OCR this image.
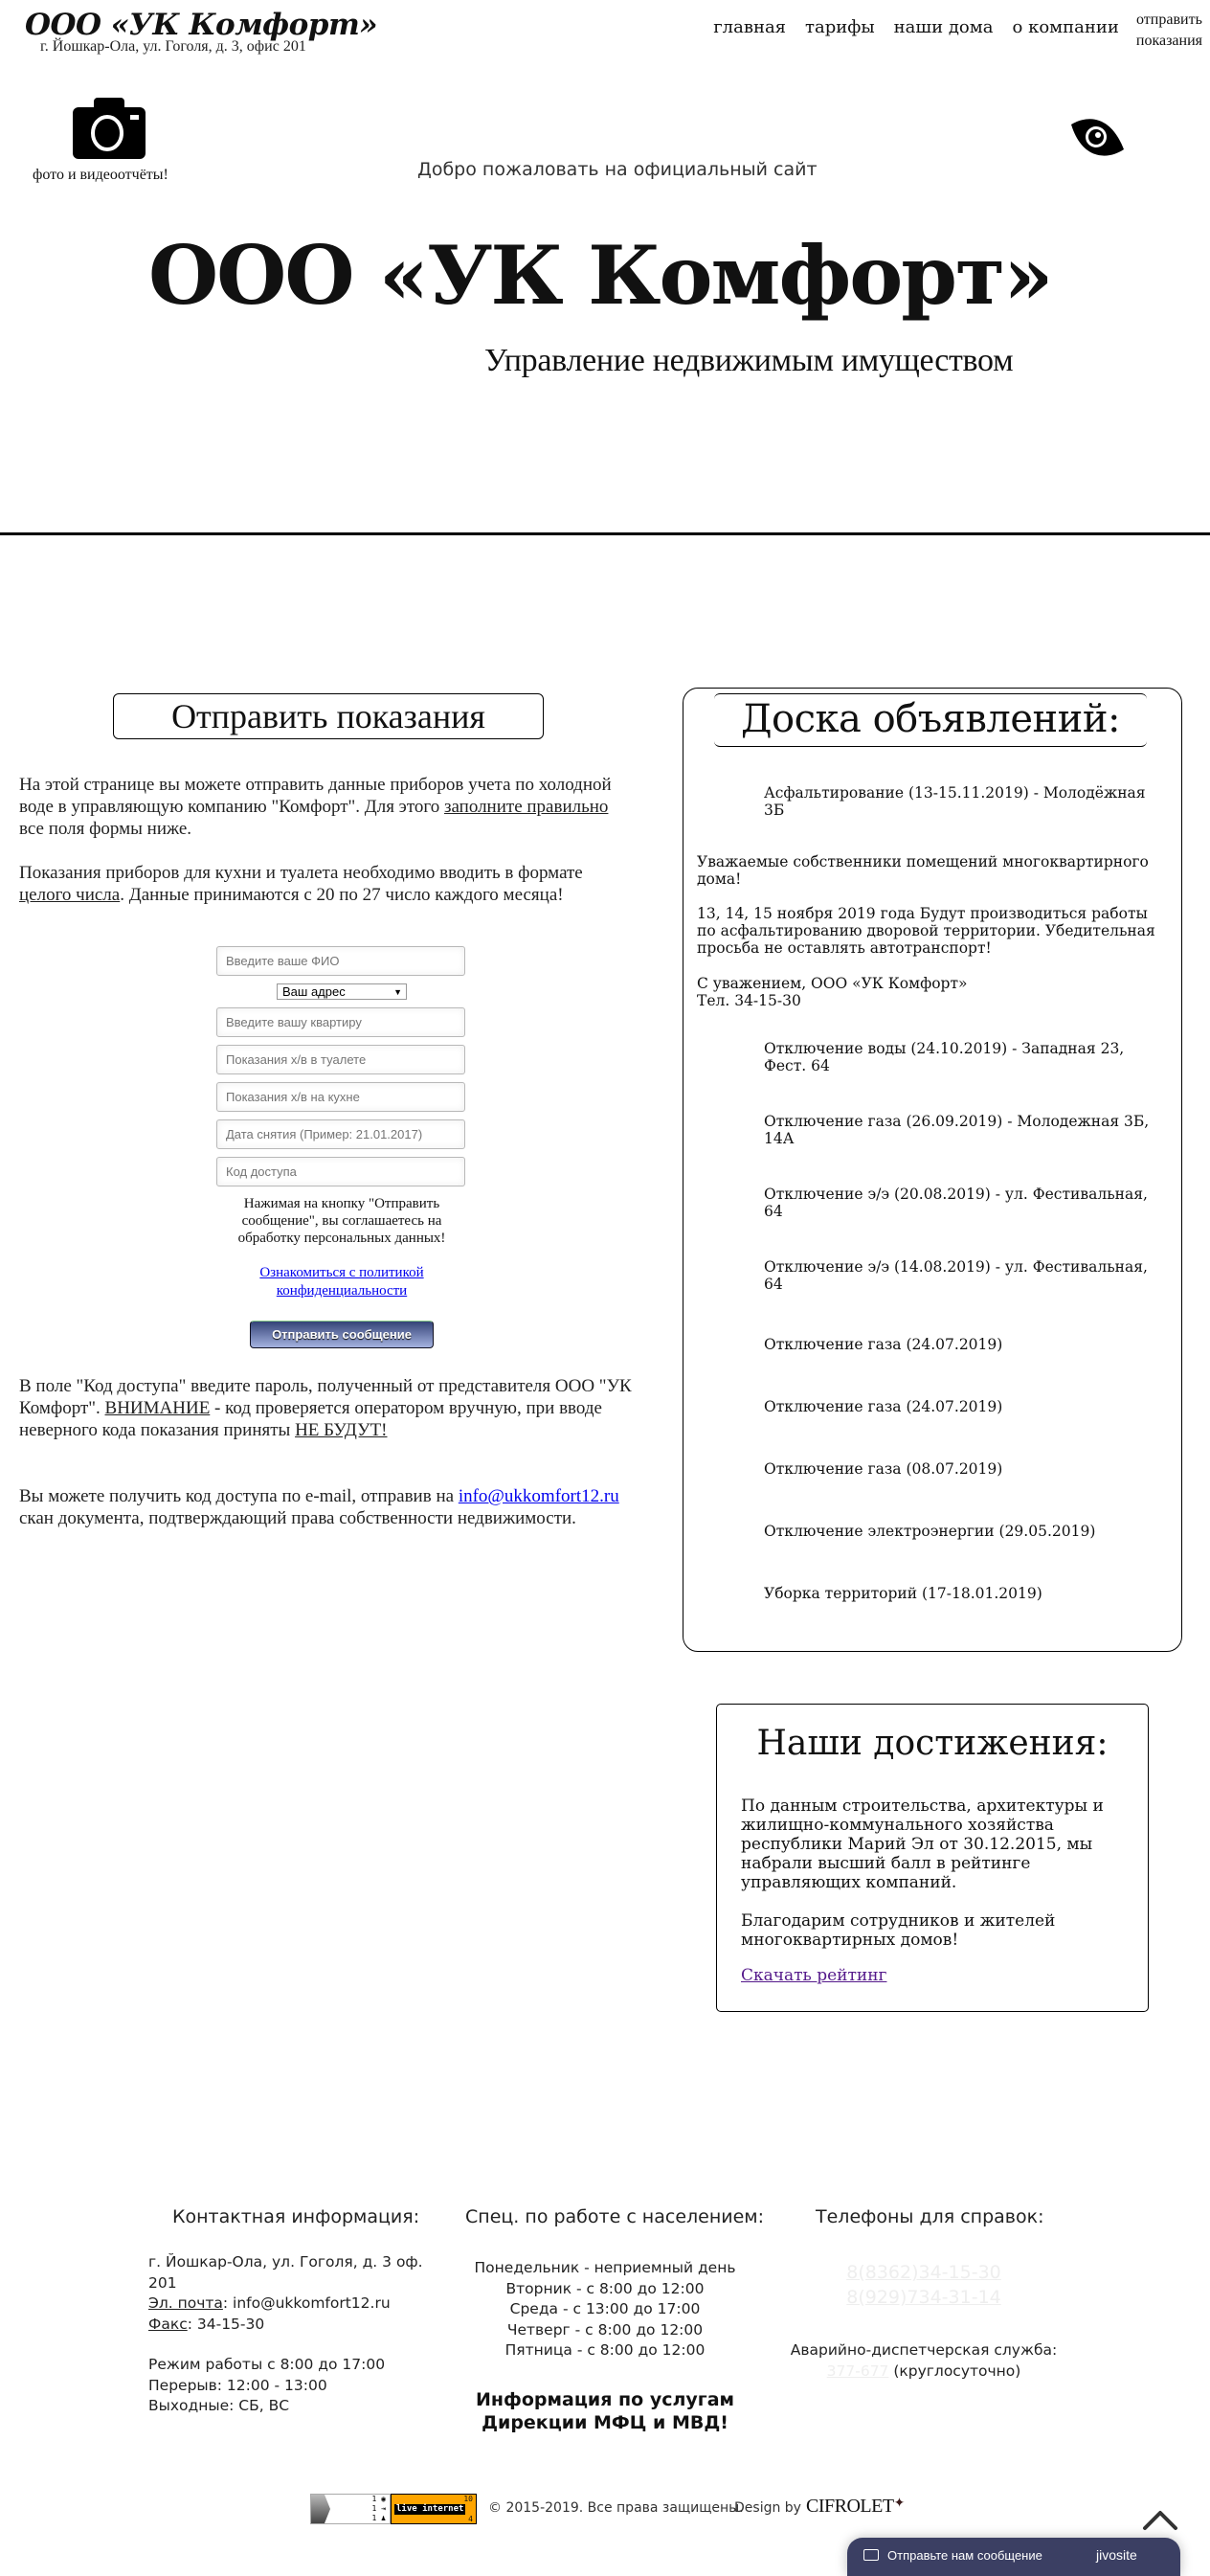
ООО «УК Комфорт»
г. Йошкар-Ола, ул. Гоголя, д. 3, офис 201
главная	тарифы	наши дома	о компании	отправить
показания
фото и видеоотчёты!	Добро пожаловать на официальный сайт
ООО «УК Комфорт»
Управление недвижимым имуществом
Отправить показания
На этой странице вы можете отправить данные приборов учета по холодной воде в управляющую компанию "Комфорт". Для этого заполните правильно все поля формы ниже.
Показания приборов для кухни и туалета необходимо вводить в формате целого числа. Данные принимаются с 20 по 27 число каждого месяца!
Введите ваше ФИО
Ваш адрес	▼
Введите вашу квартиру
Показания х/в в туалете
Показания х/в на кухне
Дата снятия (Пример: 21.01.2017)
Код доступа
Нажимая на кнопку "Отправить сообщение", вы соглашаетесь на обработку персональных данных!
Ознакомиться с политикой конфиденциальности
Отправить сообщение
В поле "Код доступа" введите пароль, полученный от представителя ООО "УК Комфорт". ВНИМАНИЕ - код проверяется оператором вручную, при вводе неверного кода показания приняты НЕ БУДУТ!
Вы можете получить код доступа по e-mail, отправив на info@ukkomfort12.ru скан документа, подтверждающий права собственности недвижимости.
Доска объявлений:
Асфальтирование (13-15.11.2019) - Молодёжная 3Б
Уважаемые собственники помещений многоквартирного дома!
13, 14, 15 ноября 2019 года Будут производиться работы по асфальтированию дворовой территории. Убедительная просьба не оставлять автотранспорт!
С уважением, ООО «УК Комфорт»
Тел. 34-15-30
Отключение воды (24.10.2019) - Западная 23, Фест. 64
Отключение газа (26.09.2019) - Молодежная 3Б, 14А
Отключение э/э (20.08.2019) - ул. Фестивальная, 64
Отключение э/э (14.08.2019) - ул. Фестивальная, 64
Отключение газа (24.07.2019)
Отключение газа (24.07.2019)
Отключение газа (08.07.2019)
Отключение электроэнергии (29.05.2019)
Уборка территорий (17-18.01.2019)
Наши достижения:
По данным строительства, архитектуры и жилищно-коммунального хозяйства республики Марий Эл от 30.12.2015, мы набрали высший балл в рейтинге управляющих компаний.
Благодарим сотрудников и жителей многоквартирных домов!
Скачать рейтинг
Контактная информация:
г. Йошкар-Ола, ул. Гоголя, д. 3 оф. 201
Эл. почта: info@ukkomfort12.ru
Факс: 34-15-30
Режим работы с 8:00 до 17:00
Перерыв: 12:00 - 13:00
Выходные: СБ, ВС
Спец. по работе с населением:
Понедельник - неприемный день
Вторник - с 8:00 до 12:00
Среда - с 13:00 до 17:00
Четверг - с 8:00 до 12:00
Пятница - с 8:00 до 12:00
Информация по услугам Дирекции МФЦ и МВД!
Телефоны для справок:
8(8362)34-15-30
8(929)734-31-14
Аварийно-диспетчерская служба:
377-677 (круглосуточно)
1 ◉
1 ⇥
1 ♟
10
live internet
4
© 2015-2019. Все права защищены.
Design by CIFROLET✦
Отправьте нам сообщение	jivosite
